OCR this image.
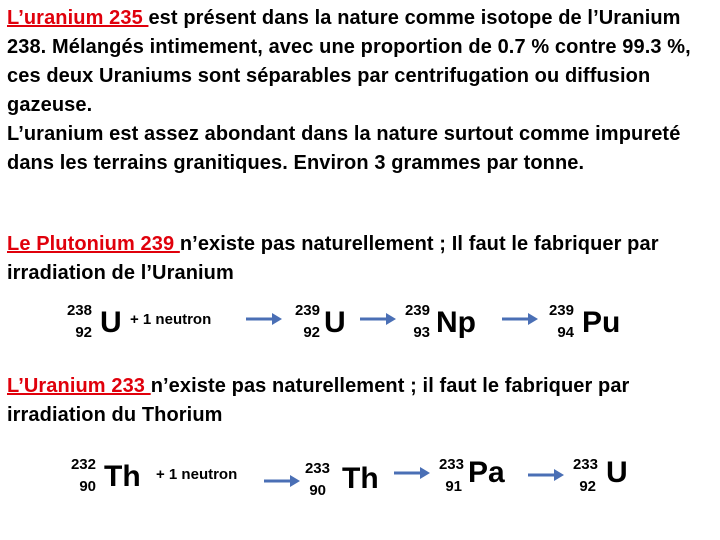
L’uranium 235 est présent dans la nature comme isotope de l’Uranium 238. Mélangés intimement, avec une proportion de 0.7 % contre 99.3 %, ces deux Uraniums sont séparables par centrifugation ou diffusion gazeuse.
L’uranium est assez abondant dans la nature surtout comme impureté dans les terrains granitiques. Environ 3 grammes par tonne.
Le Plutonium 239 n’existe pas naturellement ; Il faut le fabriquer par irradiation de l’Uranium
238
92 U + 1 neutron
239
92 U	239
93 Np	239
94 Pu
L’Uranium 233 n’existe pas naturellement ; il faut le fabriquer par irradiation du Thorium
232
90 Th + 1 neutron	233
90 Th	233
91 Pa	233
92 U
